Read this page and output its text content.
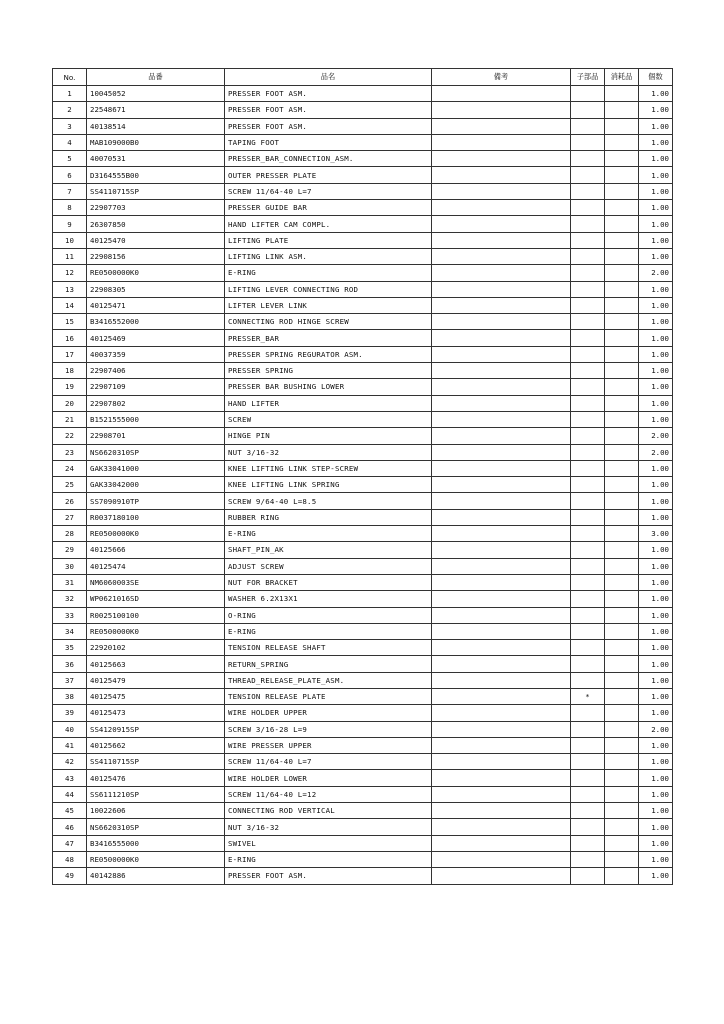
No.	品番	品名	備考	子部品	消耗品	個数
1	10045052	PRESSER FOOT ASM.				1.00
2	22548671	PRESSER FOOT ASM.				1.00
3	40138514	PRESSER FOOT ASM.				1.00
4	MAB109000B0	TAPING FOOT				1.00
5	40070531	PRESSER_BAR_CONNECTION_ASM.				1.00
6	D3164555B00	OUTER PRESSER PLATE				1.00
7	SS4110715SP	SCREW 11/64-40 L=7				1.00
8	22907703	PRESSER GUIDE BAR				1.00
9	26307850	HAND LIFTER CAM COMPL.				1.00
10	40125470	LIFTING PLATE				1.00
11	22908156	LIFTING LINK ASM.				1.00
12	RE0500000K0	E-RING				2.00
13	22908305	LIFTING LEVER CONNECTING ROD				1.00
14	40125471	LIFTER LEVER LINK				1.00
15	B3416552000	CONNECTING ROD HINGE SCREW				1.00
16	40125469	PRESSER_BAR				1.00
17	40037359	PRESSER SPRING REGURATOR ASM.				1.00
18	22907406	PRESSER SPRING				1.00
19	22907109	PRESSER BAR BUSHING LOWER				1.00
20	22907802	HAND LIFTER				1.00
21	B1521555000	SCREW				1.00
22	22908701	HINGE PIN				2.00
23	NS6620310SP	NUT 3/16-32				2.00
24	GAK33041000	KNEE LIFTING LINK STEP-SCREW				1.00
25	GAK33042000	KNEE LIFTING LINK SPRING				1.00
26	SS7090910TP	SCREW 9/64-40 L=8.5				1.00
27	R0037180100	RUBBER RING				1.00
28	RE0500000K0	E-RING				3.00
29	40125666	SHAFT_PIN_AK				1.00
30	40125474	ADJUST SCREW				1.00
31	NM6060003SE	NUT FOR BRACKET				1.00
32	WP0621016SD	WASHER 6.2X13X1				1.00
33	R0025100100	O-RING				1.00
34	RE0500000K0	E-RING				1.00
35	22920102	TENSION RELEASE SHAFT				1.00
36	40125663	RETURN_SPRING				1.00
37	40125479	THREAD_RELEASE_PLATE_ASM.				1.00
38	40125475	TENSION RELEASE PLATE		*		1.00
39	40125473	WIRE HOLDER UPPER				1.00
40	SS4120915SP	SCREW 3/16-28 L=9				2.00
41	40125662	WIRE PRESSER UPPER				1.00
42	SS4110715SP	SCREW 11/64-40 L=7				1.00
43	40125476	WIRE HOLDER LOWER				1.00
44	SS6111210SP	SCREW 11/64-40 L=12				1.00
45	10022606	CONNECTING ROD VERTICAL				1.00
46	NS6620310SP	NUT 3/16-32				1.00
47	B3416555000	SWIVEL				1.00
48	RE0500000K0	E-RING				1.00
49	40142886	PRESSER FOOT ASM.				1.00
